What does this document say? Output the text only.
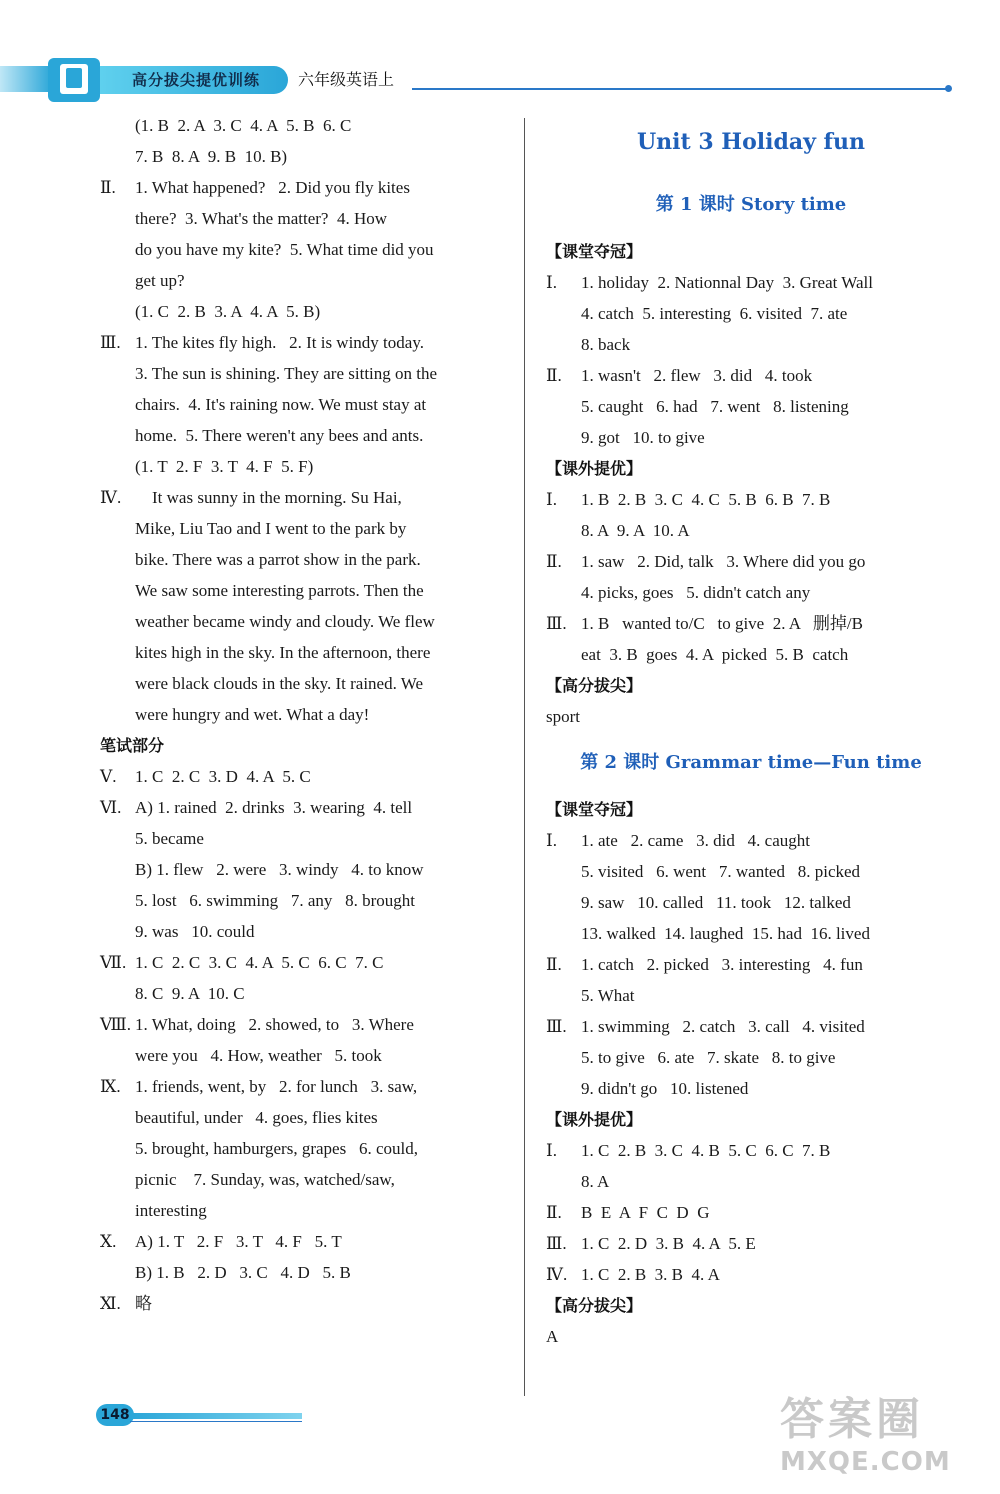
高分拔尖提优训练	六年级英语上
(1. B  2. A  3. C  4. A  5. B  6. C
7. B  8. A  9. B  10. B)
Ⅱ. 1. What happened?   2. Did you fly kites
there?  3. What's the matter?  4. How
do you have my kite?  5. What time did you
get up?
(1. C  2. B  3. A  4. A  5. B)
Ⅲ. 1. The kites fly high.   2. It is windy today.
3. The sun is shining. They are sitting on the
chairs.  4. It's raining now. We must stay at
home.  5. There weren't any bees and ants.
(1. T  2. F  3. T  4. F  5. F)
Ⅳ. It was sunny in the morning. Su Hai,
Mike, Liu Tao and I went to the park by
bike. There was a parrot show in the park.
We saw some interesting parrots. Then the
weather became windy and cloudy. We flew
kites high in the sky. In the afternoon, there
were black clouds in the sky. It rained. We
were hungry and wet. What a day!
笔试部分
Ⅴ. 1. C  2. C  3. D  4. A  5. C
Ⅵ. A) 1. rained  2. drinks  3. wearing  4. tell
5. became
B) 1. flew   2. were   3. windy   4. to know
5. lost   6. swimming   7. any   8. brought
9. was   10. could
Ⅶ. 1. C  2. C  3. C  4. A  5. C  6. C  7. C
8. C  9. A  10. C
Ⅷ. 1. What, doing   2. showed, to   3. Where
were you   4. How, weather   5. took
Ⅸ. 1. friends, went, by   2. for lunch   3. saw,
beautiful, under   4. goes, flies kites
5. brought, hamburgers, grapes   6. could,
picnic    7. Sunday, was, watched/saw,
interesting
Ⅹ. A) 1. T   2. F   3. T   4. F   5. T
B) 1. B   2. D   3. C   4. D   5. B
Ⅺ. 略
Unit 3 Holiday fun
第 1 课时 Story time
【课堂夺冠】
Ⅰ. 1. holiday  2. Nationnal Day  3. Great Wall
4. catch  5. interesting  6. visited  7. ate
8. back
Ⅱ. 1. wasn't   2. flew   3. did   4. took
5. caught   6. had   7. went   8. listening
9. got   10. to give
【课外提优】
Ⅰ. 1. B  2. B  3. C  4. C  5. B  6. B  7. B
8. A  9. A  10. A
Ⅱ. 1. saw   2. Did, talk   3. Where did you go
4. picks, goes   5. didn't catch any
Ⅲ. 1. B   wanted to/C   to give  2. A   删掉/B
eat  3. B  goes  4. A  picked  5. B  catch
【高分拔尖】
sport
第 2 课时 Grammar time—Fun time
【课堂夺冠】
Ⅰ. 1. ate   2. came   3. did   4. caught
5. visited   6. went   7. wanted   8. picked
9. saw   10. called   11. took   12. talked
13. walked  14. laughed  15. had  16. lived
Ⅱ. 1. catch   2. picked   3. interesting   4. fun
5. What
Ⅲ. 1. swimming   2. catch   3. call   4. visited
5. to give   6. ate   7. skate   8. to give
9. didn't go   10. listened
【课外提优】
Ⅰ. 1. C  2. B  3. C  4. B  5. C  6. C  7. B
8. A
Ⅱ. B  E  A  F  C  D  G
Ⅲ. 1. C  2. D  3. B  4. A  5. E
Ⅳ. 1. C  2. B  3. B  4. A
【高分拔尖】
A
148	答案圈
MXQE.COM
